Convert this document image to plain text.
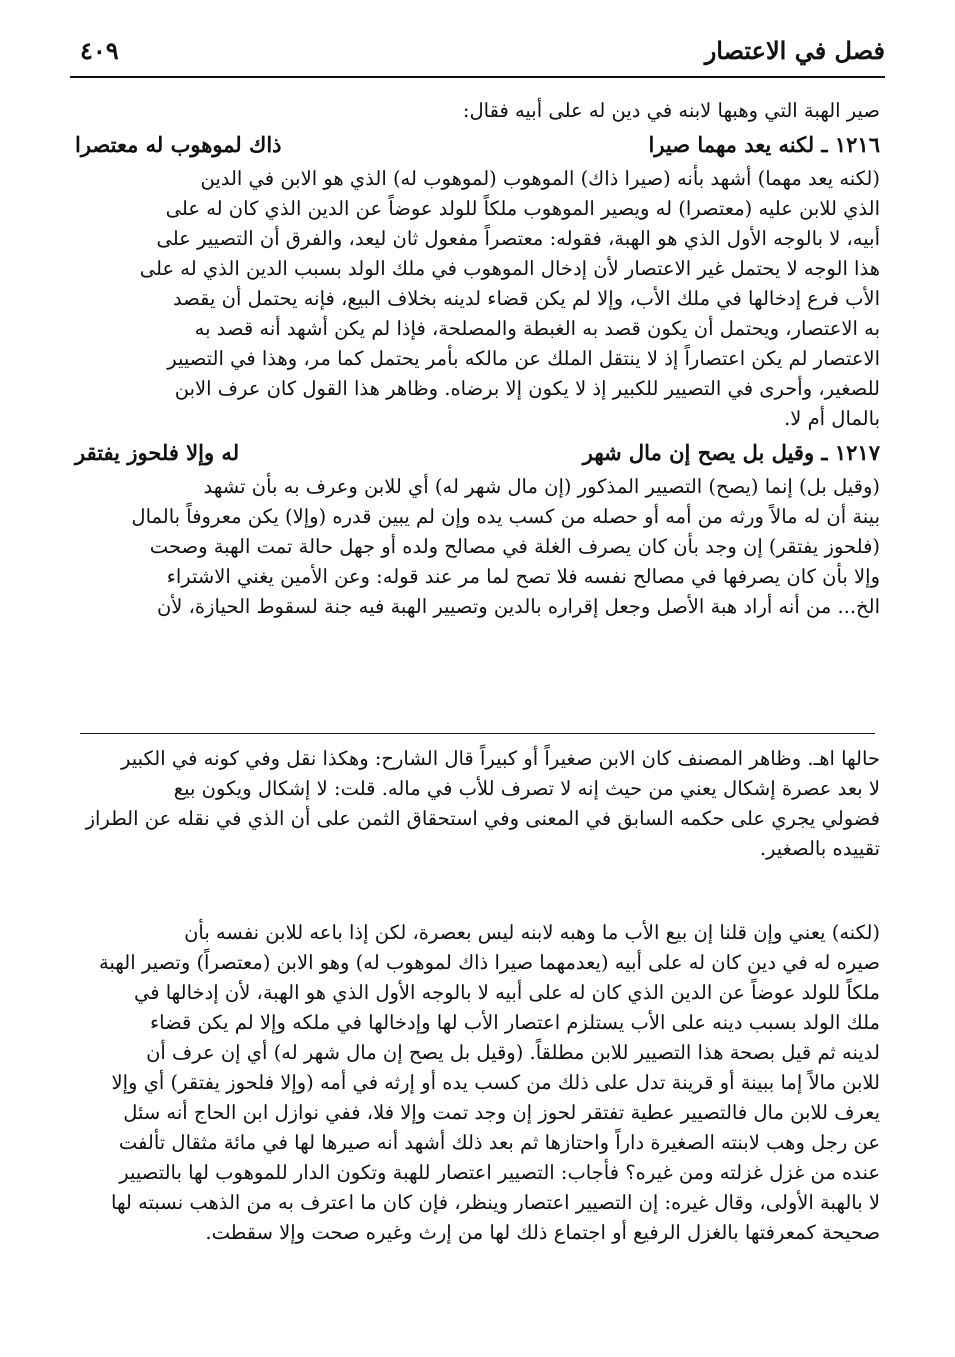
٤٠٩	فصل في الاعتصار

صير الهبة التي وهبها لابنه في دين له على أبيه فقال:

١٢١٦ ـ لكنه يعد مهما صيرا
ذاك لموهوب له معتصرا

(لكنه يعد مهما) أشهد بأنه (صيرا ذاك) الموهوب (لموهوب له) الذي هو الابن في الدين

الذي للابن عليه (معتصرا) له ويصير الموهوب ملكاً للولد عوضاً عن الدين الذي كان له على

أبيه، لا بالوجه الأول الذي هو الهبة، فقوله: معتصراً مفعول ثان ليعد، والفرق أن التصيير على

هذا الوجه لا يحتمل غير الاعتصار لأن إدخال الموهوب في ملك الولد بسبب الدين الذي له على

الأب فرع إدخالها في ملك الأب، وإلا لم يكن قضاء لدينه بخلاف البيع، فإنه يحتمل أن يقصد

به الاعتصار، ويحتمل أن يكون قصد به الغبطة والمصلحة، فإذا لم يكن أشهد أنه قصد به

الاعتصار لم يكن اعتصاراً إذ لا ينتقل الملك عن مالكه بأمر يحتمل كما مر، وهذا في التصيير

للصغير، وأحرى في التصيير للكبير إذ لا يكون إلا برضاه. وظاهر هذا القول كان عرف الابن

بالمال أم لا.

١٢١٧ ـ وقيل بل يصح إن مال شهر
له وإلا فلحوز يفتقر

(وقيل بل) إنما (يصح) التصيير المذكور (إن مال شهر له) أي للابن وعرف به بأن تشهد

بينة أن له مالاً ورثه من أمه أو حصله من كسب يده وإن لم يبين قدره (وإلا) يكن معروفاً بالمال

(فلحوز يفتقر) إن وجد بأن كان يصرف الغلة في مصالح ولده أو جهل حالة تمت الهبة وصحت

وإلا بأن كان يصرفها في مصالح نفسه فلا تصح لما مر عند قوله: وعن الأمين يغني الاشتراء

الخ... من أنه أراد هبة الأصل وجعل إقراره بالدين وتصيير الهبة فيه جنة لسقوط الحيازة، لأن

حالها اهـ. وظاهر المصنف كان الابن صغيراً أو كبيراً قال الشارح: وهكذا نقل وفي كونه في الكبير

لا بعد عصرة إشكال يعني من حيث إنه لا تصرف للأب في ماله. قلت: لا إشكال ويكون بيع

فضولي يجري على حكمه السابق في المعنى وفي استحقاق الثمن على أن الذي في نقله عن الطراز

تقييده بالصغير.

(لكنه) يعني وإن قلنا إن بيع الأب ما وهبه لابنه ليس بعصرة، لكن إذا باعه للابن نفسه بأن

صيره له في دين كان له على أبيه (يعدمهما صيرا ذاك لموهوب له) وهو الابن (معتصراً) وتصير الهبة

ملكاً للولد عوضاً عن الدين الذي كان له على أبيه لا بالوجه الأول الذي هو الهبة، لأن إدخالها في

ملك الولد بسبب دينه على الأب يستلزم اعتصار الأب لها وإدخالها في ملكه وإلا لم يكن قضاء

لدينه ثم قيل بصحة هذا التصيير للابن مطلقاً. (وقيل بل يصح إن مال شهر له) أي إن عرف أن

للابن مالاً إما ببينة أو قرينة تدل على ذلك من كسب يده أو إرثه في أمه (وإلا فلحوز يفتقر) أي وإلا

يعرف للابن مال فالتصيير عطية تفتقر لحوز إن وجد تمت وإلا فلا، ففي نوازل ابن الحاج أنه سئل

عن رجل وهب لابنته الصغيرة داراً واحتازها ثم بعد ذلك أشهد أنه صيرها لها في مائة مثقال تألفت

عنده من غزل غزلته ومن غيره؟ فأجاب: التصيير اعتصار للهبة وتكون الدار للموهوب لها بالتصيير

لا بالهبة الأولى، وقال غيره: إن التصيير اعتصار وينظر، فإن كان ما اعترف به من الذهب نسبته لها

صحيحة كمعرفتها بالغزل الرفيع أو اجتماع ذلك لها من إرث وغيره صحت وإلا سقطت.
